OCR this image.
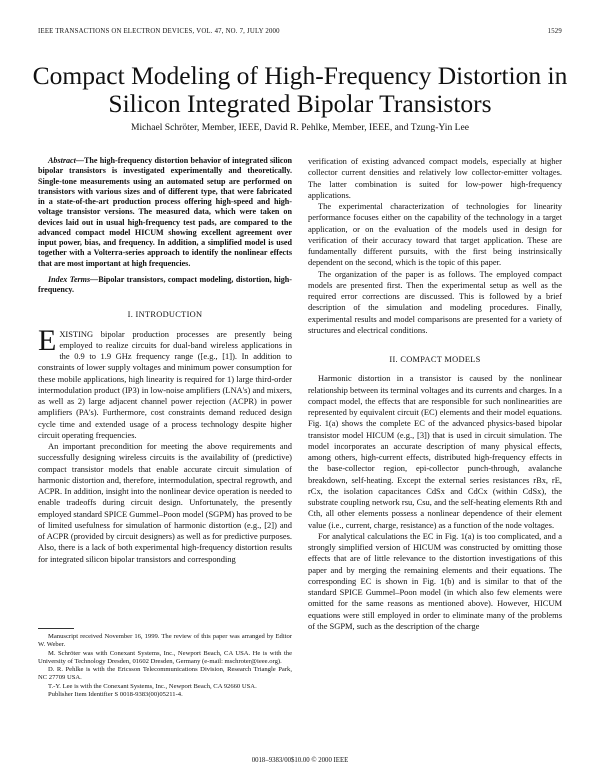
IEEE TRANSACTIONS ON ELECTRON DEVICES, VOL. 47, NO. 7, JULY 2000	1529
Compact Modeling of High-Frequency Distortion in Silicon Integrated Bipolar Transistors
Michael Schröter, Member, IEEE, David R. Pehlke, Member, IEEE, and Tzung-Yin Lee

Abstract—The high-frequency distortion behavior of integrated silicon bipolar transistors is investigated experimentally and theoretically. Single-tone measurements using an automated setup are performed on transistors with various sizes and of different type, that were fabricated in a state-of-the-art production process offering high-speed and high-voltage transistor versions. The measured data, which were taken on devices laid out in usual high-frequency test pads, are compared to the advanced compact model HICUM showing excellent agreement over input power, bias, and frequency. In addition, a simplified model is used together with a Volterra-series approach to identify the nonlinear effects that are most important at high frequencies.

Index Terms—Bipolar transistors, compact modeling, distortion, high-frequency.

I. INTRODUCTION

EXISTING bipolar production processes are presently being employed to realize circuits for dual-band wireless applications in the 0.9 to 1.9 GHz frequency range ([e.g., [1]). In addition to constraints of lower supply voltages and minimum power consumption for these mobile applications, high linearity is required for 1) large third-order intermodulation product (IP3) in low-noise amplifiers (LNA's) and mixers, as well as 2) large adjacent channel power rejection (ACPR) in power amplifiers (PA's). Furthermore, cost constraints demand reduced design cycle time and extended usage of a process technology despite higher circuit operating frequencies.

An important precondition for meeting the above requirements and successfully designing wireless circuits is the availability of (predictive) compact transistor models that enable accurate circuit simulation of harmonic distortion and, therefore, intermodulation, spectral regrowth, and ACPR. In addition, insight into the nonlinear device operation is needed to enable tradeoffs during circuit design. Unfortunately, the presently employed standard SPICE Gummel–Poon model (SGPM) has proved to be of limited usefulness for simulation of harmonic distortion (e.g., [2]) and of ACPR (provided by circuit designers) as well as for predictive purposes. Also, there is a lack of both experimental high-frequency distortion results for integrated silicon bipolar transistors and corresponding

verification of existing advanced compact models, especially at higher collector current densities and relatively low collector-emitter voltages. The latter combination is suited for low-power high-frequency applications.

The experimental characterization of technologies for linearity performance focuses either on the capability of the technology in a target application, or on the evaluation of the models used in design for verification of their accuracy toward that target application. These are fundamentally different pursuits, with the first being instrinsically dependent on the second, which is the topic of this paper.

The organization of the paper is as follows. The employed compact models are presented first. Then the experimental setup as well as the required error corrections are discussed. This is followed by a brief description of the simulation and modeling procedures. Finally, experimental results and model comparisons are presented for a variety of structures and electrical conditions.

II. COMPACT MODELS

Harmonic distortion in a transistor is caused by the nonlinear relationship between its terminal voltages and its currents and charges. In a compact model, the effects that are responsible for such nonlinearities are represented by equivalent circuit (EC) elements and their model equations. Fig. 1(a) shows the complete EC of the advanced physics-based bipolar transistor model HICUM (e.g., [3]) that is used in circuit simulation. The model incorporates an accurate description of many physical effects, among others, high-current effects, distributed high-frequency effects in the base-collector region, epi-collector punch-through, avalanche breakdown, self-heating. Except the external series resistances rBx, rE, rCx, the isolation capacitances CdSx and CdCx (within CdSx), the substrate coupling network rsu, Csu, and the self-heating elements Rth and Cth, all other elements possess a nonlinear dependence of their element value (i.e., current, charge, resistance) as a function of the node voltages.

For analytical calculations the EC in Fig. 1(a) is too complicated, and a strongly simplified version of HICUM was constructed by omitting those effects that are of little relevance to the distortion investigations of this paper and by merging the remaining elements and their equations. The corresponding EC is shown in Fig. 1(b) and is similar to that of the standard SPICE Gummel–Poon model (in which also few elements were omitted for the same reasons as mentioned above). However, HICUM equations were still employed in order to eliminate many of the problems of the SGPM, such as the description of the charge

Manuscript received November 16, 1999. The review of this paper was arranged by Editor W. Weber.

M. Schröter was with Conexant Systems, Inc., Newport Beach, CA USA. He is with the University of Technology Dresden, 01602 Dresden, Germany (e-mail: mschroter@ieee.org).

D. R. Pehlke is with the Ericsson Telecommunications Division, Research Triangle Park, NC 27709 USA.

T.-Y. Lee is with the Conexant Systems, Inc., Newport Beach, CA 92660 USA.

Publisher Item Identifier S 0018-9383(00)05211-4.

0018–9383/00$10.00 © 2000 IEEE
